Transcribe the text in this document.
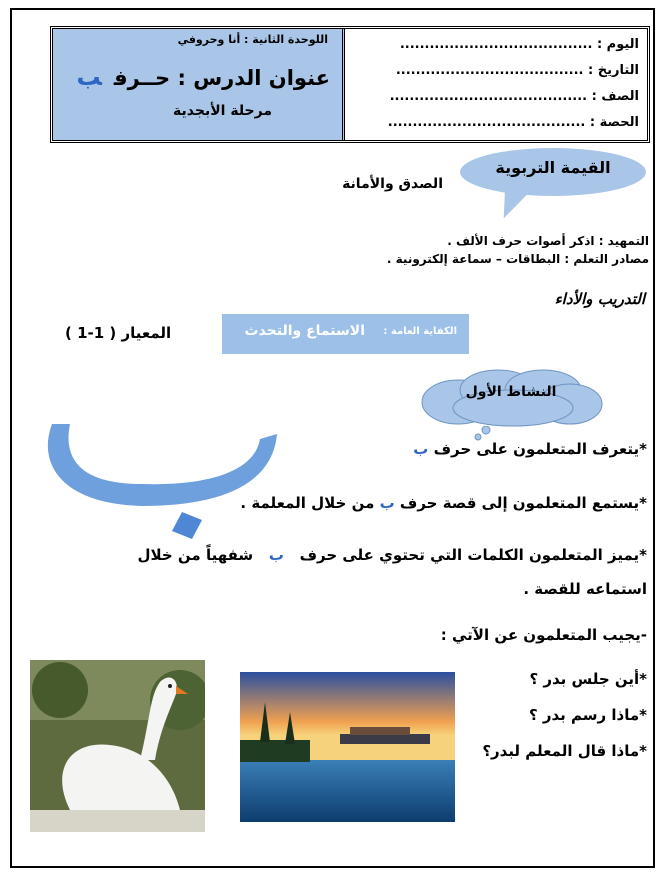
اللوحدة الثانية : أنا وحروفي
عنوان الدرس : حــرفب
مرحلة الأبجدية
اليوم : .......................................
التاريخ : ......................................
الصف : ........................................
الحصة : ........................................
القيمة التربوية
الصدق والأمانة
التمهيد : اذكر أصوات حرف الألف .
مصادر التعلم : البطاقات – سماعة إلكترونية .
التدريب والأداء
الكفاية العامة :
الاستماع والتحدث
المعيار ( 1-1 )
النشاط الأول
ب
*يتعرف المتعلمون على حرف ب
*يستمع المتعلمون إلى قصة حرف ب من خلال المعلمة .
*يميز المتعلمون الكلمات التي تحتوي على حرف   ب   شفهياً من خلال
استماعه للقصة .
-يجيب المتعلمون عن الآتي :
*أين جلس بدر ؟
*ماذا رسم بدر ؟
*ماذا قال المعلم لبدر؟
